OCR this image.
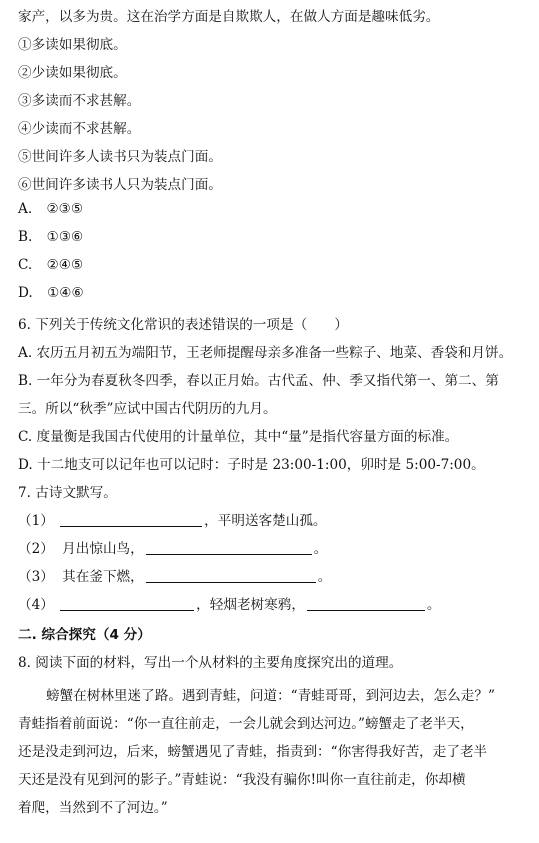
家产，以多为贵。这在治学方面是自欺欺人，在做人方面是趣味低劣。
①多读如果彻底。
②少读如果彻底。
③多读而不求甚解。
④少读而不求甚解。
⑤世间许多人读书只为装点门面。
⑥世间许多读书人只为装点门面。
A. ②③⑤
B. ①③⑥
C. ②④⑤
D. ①④⑥
6. 下列关于传统文化常识的表述错误的一项是（　　）
A. 农历五月初五为端阳节，王老师提醒母亲多准备一些粽子、地菜、香袋和月饼。
B. 一年分为春夏秋冬四季，春以正月始。古代孟、仲、季又指代第一、第二、第
三。所以“秋季”应试中国古代阴历的九月。
C. 度量衡是我国古代使用的计量单位，其中“量”是指代容量方面的标准。
D. 十二地支可以记年也可以记时：子时是 23:00-1:00，卯时是 5:00-7:00。
7. 古诗文默写。
（1）	，平明送客楚山孤。
（2） 月出惊山鸟，	。
（3） 其在釜下燃，	。
（4）	，轻烟老树寒鸦，	。
二. 综合探究（4 分）
8. 阅读下面的材料，写出一个从材料的主要角度探究出的道理。
螃蟹在树林里迷了路。遇到青蛙，问道：“青蛙哥哥，到河边去，怎么走？”
青蛙指着前面说：“你一直往前走，一会儿就会到达河边。”螃蟹走了老半天，
还是没走到河边，后来，螃蟹遇见了青蛙，指责到：“你害得我好苦，走了老半
天还是没有见到河的影子。”青蛙说：“我没有骗你!叫你一直往前走，你却横
着爬，当然到不了河边。”
